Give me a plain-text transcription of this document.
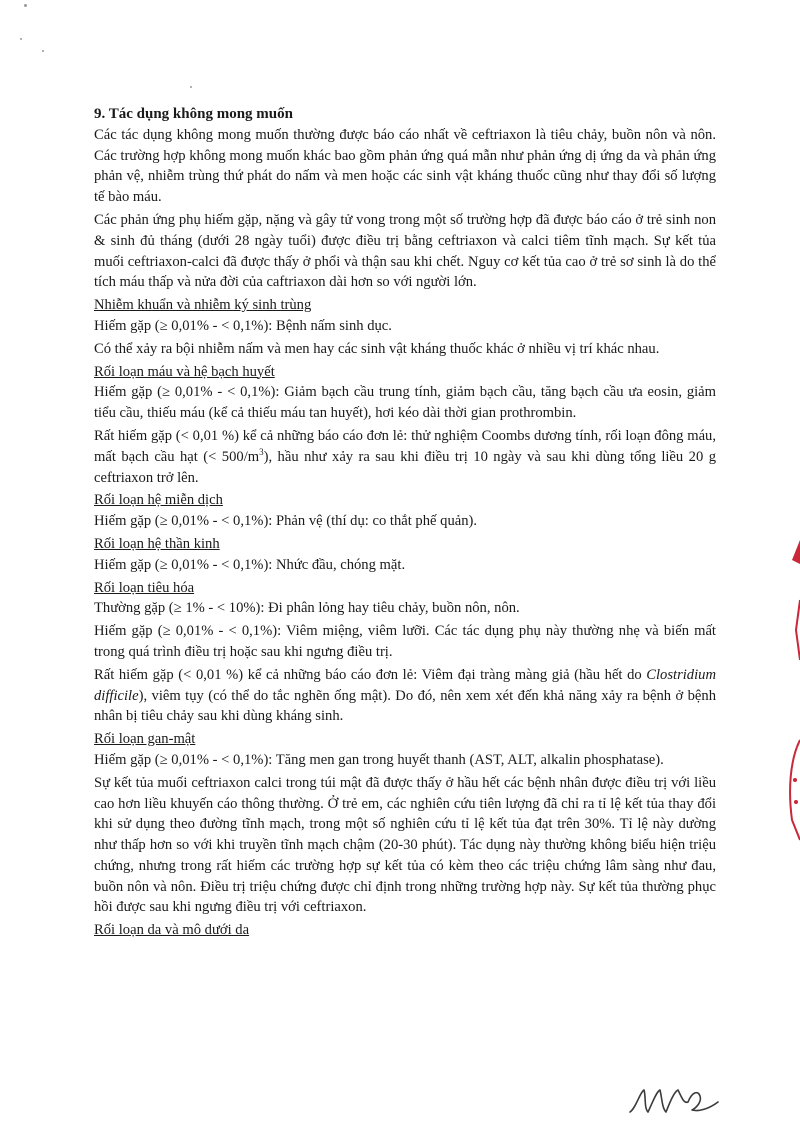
9. Tác dụng không mong muốn

Các tác dụng không mong muốn thường được báo cáo nhất về ceftriaxon là tiêu chảy, buồn nôn và nôn. Các trường hợp không mong muốn khác bao gồm phản ứng quá mẫn như phản ứng dị ứng da và phản ứng phản vệ, nhiễm trùng thứ phát do nấm và men hoặc các sinh vật kháng thuốc cũng như thay đổi số lượng tế bào máu.

Các phản ứng phụ hiếm gặp, nặng và gây tử vong trong một số trường hợp đã được báo cáo ở trẻ sinh non & sinh đủ tháng (dưới 28 ngày tuổi) được điều trị bằng ceftriaxon và calci tiêm tĩnh mạch. Sự kết tủa muối ceftriaxon-calci đã được thấy ở phổi và thận sau khi chết. Nguy cơ kết tủa cao ở trẻ sơ sinh là do thể tích máu thấp và nửa đời của caftriaxon dài hơn so với người lớn.

Nhiễm khuẩn và nhiễm ký sinh trùng

Hiếm gặp (≥ 0,01% - < 0,1%): Bệnh nấm sinh dục.

Có thể xảy ra bội nhiễm nấm và men hay các sinh vật kháng thuốc khác ở nhiều vị trí khác nhau.

Rối loạn máu và hệ bạch huyết

Hiếm gặp (≥ 0,01% - < 0,1%): Giảm bạch cầu trung tính, giảm bạch cầu, tăng bạch cầu ưa eosin, giảm tiểu cầu, thiếu máu (kể cả thiếu máu tan huyết), hơi kéo dài thời gian prothrombin.

Rất hiếm gặp (< 0,01 %) kể cả những báo cáo đơn lẻ: thử nghiệm Coombs dương tính, rối loạn đông máu, mất bạch cầu hạt (< $500/m^3$), hầu như xảy ra sau khi điều trị 10 ngày và sau khi dùng tổng liều 20 g ceftriaxon trở lên.

Rối loạn hệ miễn dịch

Hiếm gặp (≥ 0,01% - < 0,1%): Phản vệ (thí dụ: co thắt phế quản).

Rối loạn hệ thần kinh

Hiếm gặp (≥ 0,01% - < 0,1%): Nhức đầu, chóng mặt.

Rối loạn tiêu hóa

Thường gặp (≥ 1% - < 10%): Đi phân lỏng hay tiêu chảy, buồn nôn, nôn.

Hiếm gặp (≥ 0,01% - < 0,1%): Viêm miệng, viêm lưỡi. Các tác dụng phụ này thường nhẹ và biến mất trong quá trình điều trị hoặc sau khi ngưng điều trị.

Rất hiếm gặp (< 0,01 %) kể cả những báo cáo đơn lẻ: Viêm đại tràng màng giả (hầu hết do Clostridium difficile), viêm tụy (có thể do tắc nghẽn ống mật). Do đó, nên xem xét đến khả năng xảy ra bệnh ở bệnh nhân bị tiêu chảy sau khi dùng kháng sinh.

Rối loạn gan-mật

Hiếm gặp (≥ 0,01% - < 0,1%): Tăng men gan trong huyết thanh (AST, ALT, alkalin phosphatase).

Sự kết tủa muối ceftriaxon calci trong túi mật đã được thấy ở hầu hết các bệnh nhân được điều trị với liều cao hơn liều khuyến cáo thông thường. Ở trẻ em, các nghiên cứu tiên lượng đã chỉ ra tỉ lệ kết tủa thay đổi khi sử dụng theo đường tĩnh mạch, trong một số nghiên cứu tỉ lệ kết tủa đạt trên 30%. Tỉ lệ này dường như thấp hơn so với khi truyền tĩnh mạch chậm (20-30 phút). Tác dụng này thường không biểu hiện triệu chứng, nhưng trong rất hiếm các trường hợp sự kết tủa có kèm theo các triệu chứng lâm sàng như đau, buồn nôn và nôn. Điều trị triệu chứng được chỉ định trong những trường hợp này. Sự kết tủa thường phục hồi được sau khi ngưng điều trị với ceftriaxon.

Rối loạn da và mô dưới da
